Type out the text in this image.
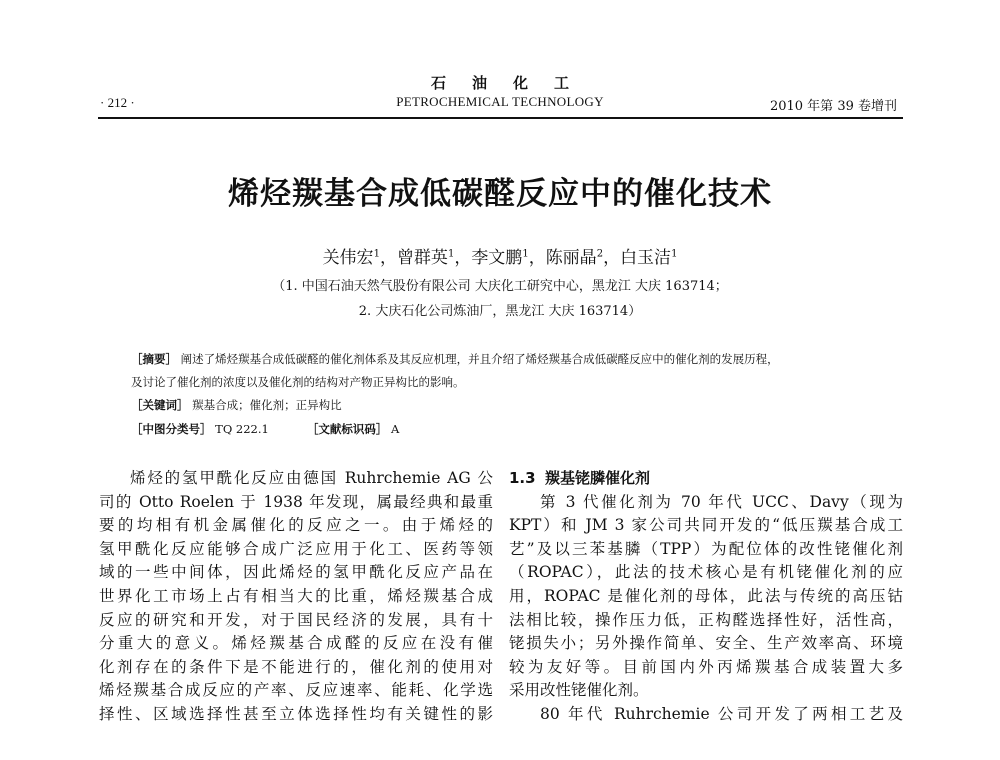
石油化工
· 212 ·	PETROCHEMICAL TECHNOLOGY	2010 年第 39 卷增刊
烯烃羰基合成低碳醛反应中的催化技术
关伟宏$^1$，曾群英$^1$，李文鹏$^1$，陈丽晶$^2$，白玉洁$^1$
（1. 中国石油天然气股份有限公司 大庆化工研究中心，黑龙江 大庆 163714；
2. 大庆石化公司炼油厂，黑龙江 大庆 163714）
［摘要］ 阐述了烯烃羰基合成低碳醛的催化剂体系及其反应机理，并且介绍了烯烃羰基合成低碳醛反应中的催化剂的发展历程，
及讨论了催化剂的浓度以及催化剂的结构对产物正异构比的影响。
［关键词］ 羰基合成；催化剂；正异构比
［中图分类号］ TQ 222.1	［文献标识码］ A
烯烃的氢甲酰化反应由德国 Ruhrchemie AG 公
司的 Otto Roelen 于 1938 年发现，属最经典和最重
要的均相有机金属催化的反应之一。由于烯烃的
氢甲酰化反应能够合成广泛应用于化工、医药等领
域的一些中间体，因此烯烃的氢甲酰化反应产品在
世界化工市场上占有相当大的比重，烯烃羰基合成
反应的研究和开发，对于国民经济的发展，具有十
分重大的意义。烯烃羰基合成醛的反应在没有催
化剂存在的条件下是不能进行的，催化剂的使用对
烯烃羰基合成反应的产率、反应速率、能耗、化学选
择性、区域选择性甚至立体选择性均有关键性的影
1.3 羰基铑膦催化剂
第 3 代催化剂为 70 年代 UCC、Davy（现为
KPT）和 JM 3 家公司共同开发的“低压羰基合成工
艺”及以三苯基膦（TPP）为配位体的改性铑催化剂
（ROPAC），此法的技术核心是有机铑催化剂的应
用，ROPAC 是催化剂的母体，此法与传统的高压钴
法相比较，操作压力低，正构醛选择性好，活性高，
铑损失小；另外操作简单、安全、生产效率高、环境
较为友好等。目前国内外丙烯羰基合成装置大多
采用改性铑催化剂。
80 年代 Ruhrchemie 公司开发了两相工艺及
